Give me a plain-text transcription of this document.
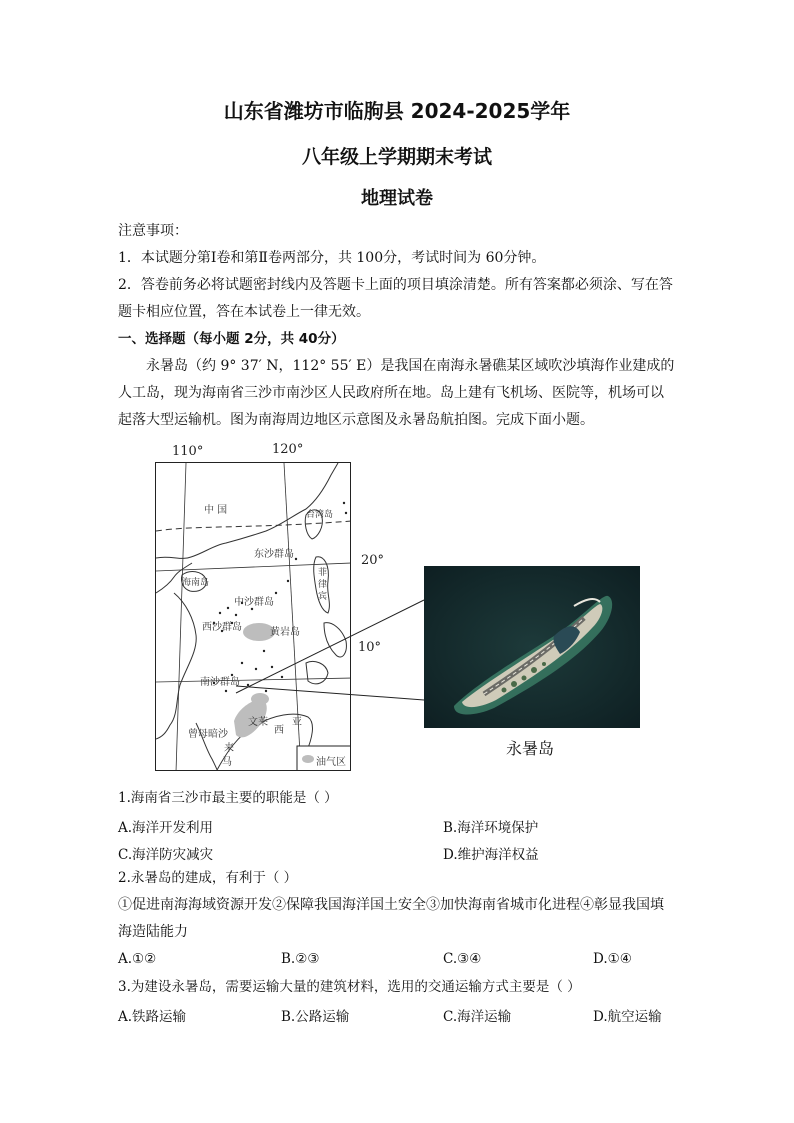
山东省潍坊市临朐县 2024-2025学年
八年级上学期期末考试
地理试卷
注意事项：
1．本试题分第Ⅰ卷和第Ⅱ卷两部分，共 100分，考试时间为 60分钟。
2．答卷前务必将试题密封线内及答题卡上面的项目填涂清楚。所有答案都必须涂、写在答
题卡相应位置，答在本试卷上一律无效。
一、选择题（每小题 2分，共 40分）
永暑岛（约 9° 37′ N，112° 55′ E）是我国在南海永暑礁某区域吹沙填海作业建成的
人工岛，现为海南省三沙市南沙区人民政府所在地。岛上建有飞机场、医院等，机场可以
起落大型运输机。图为南海周边地区示意图及永暑岛航拍图。完成下面小题。
110°	120°
中 国	台湾岛
东沙群岛
海南岛
中沙群岛
西沙群岛	黄岩岛
菲律宾
南沙群岛
文莱 亚
西
曾母暗沙
来
马	油气区
20°
10°
永暑岛
1.海南省三沙市最主要的职能是（ ）
A.海洋开发利用	B.海洋环境保护
C.海洋防灾减灾	D.维护海洋权益
2.永暑岛的建成，有利于（ ）
①促进南海海域资源开发②保障我国海洋国土安全③加快海南省城市化进程④彰显我国填
海造陆能力
A.①②	B.②③	C.③④	D.①④
3.为建设永暑岛，需要运输大量的建筑材料，选用的交通运输方式主要是（ ）
A.铁路运输	B.公路运输	C.海洋运输	D.航空运输
